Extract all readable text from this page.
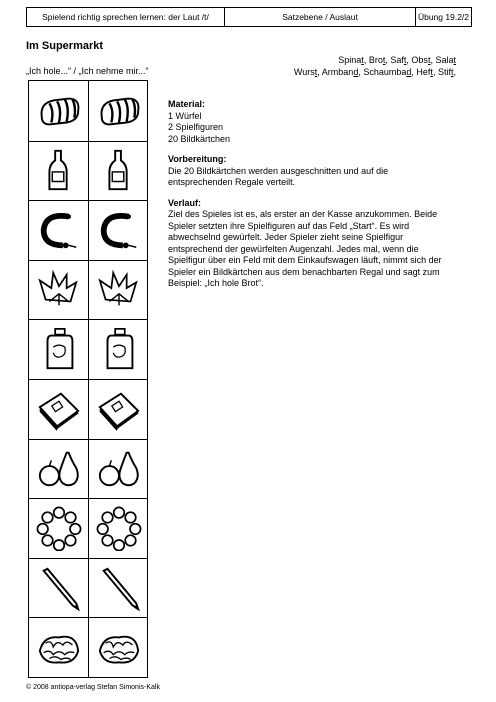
Spielend richtig sprechen lernen: der Laut /t/	Satzebene / Auslaut	Übung 19.2/2
Im Supermarkt
„Ich hole...“ / „Ich nehme mir...“
Spinat, Brot, Saft, Obst, Salat
Wurst, Armband, Schaumbad, Heft, Stift,
Material:

1 Würfel
2 Spielfiguren
20 Bildkärtchen

Vorbereitung:

Die 20 Bildkärtchen werden ausgeschnitten und auf die entsprechenden Regale verteilt.

Verlauf:

Ziel des Spieles ist es, als erster an der Kasse anzukommen. Beide Spieler setzten ihre Spielfiguren auf das Feld „Start“. Es wird abwechselnd gewürfelt. Jeder Spieler zieht seine Spielfigur entsprechend der gewürfelten Augenzahl. Jedes mal, wenn die Spielfigur über ein Feld mit dem Einkaufswagen läuft, nimmt sich der Spieler ein Bildkärtchen aus dem benachbarten Regal und sagt zum Beispiel: „Ich hole Brot“.

© 2008 antiopa-verlag Stefan Simonis-Kalk
